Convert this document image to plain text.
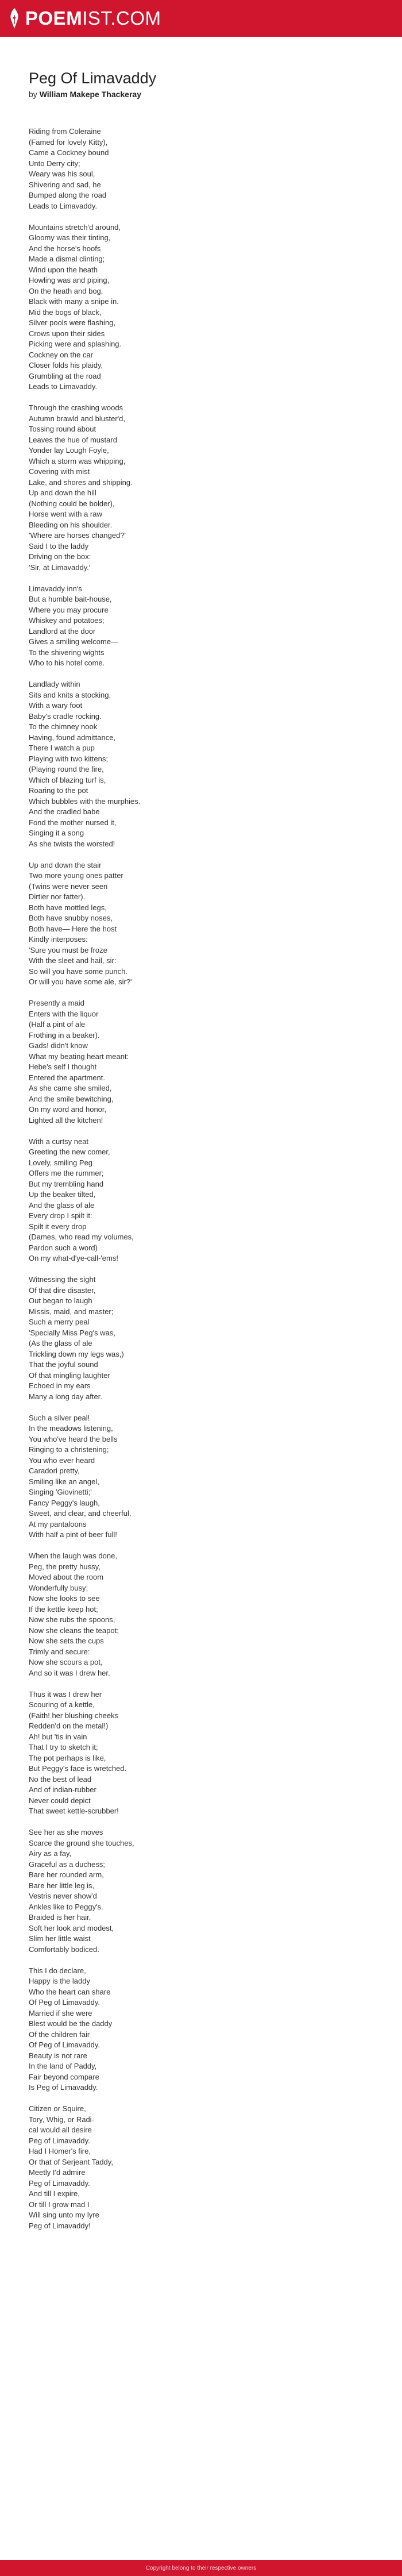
POEMIST.COM
Peg Of Limavaddy
by William Makepe Thackeray
Riding from Coleraine
(Famed for lovely Kitty),
Came a Cockney bound
Unto Derry city;
Weary was his soul,
Shivering and sad, he
Bumped along the road
Leads to Limavaddy.
Mountains stretch'd around,
Gloomy was their tinting,
And the horse's hoofs
Made a dismal clinting;
Wind upon the heath
Howling was and piping,
On the heath and bog,
Black with many a snipe in.
Mid the bogs of black,
Silver pools were flashing,
Crows upon their sides
Picking were and splashing.
Cockney on the car
Closer folds his plaidy,
Grumbling at the road
Leads to Limavaddy.
Through the crashing woods
Autumn brawld and bluster'd,
Tossing round about
Leaves the hue of mustard
Yonder lay Lough Foyle,
Which a storm was whipping,
Covering with mist
Lake, and shores and shipping.
Up and down the hill
(Nothing could be bolder),
Horse went with a raw
Bleeding on his shoulder.
'Where are horses changed?'
Said I to the laddy
Driving on the box:
'Sir, at Limavaddy.'
Limavaddy inn's
But a humble bait-house,
Where you may procure
Whiskey and potatoes;
Landlord at the door
Gives a smiling welcome—
To the shivering wights
Who to his hotel come.
Landlady within
Sits and knits a stocking,
With a wary foot
Baby's cradle rocking.
To the chimney nook
Having, found admittance,
There I watch a pup
Playing with two kittens;
(Playing round the fire,
Which of blazing turf is,
Roaring to the pot
Which bubbles with the murphies.
And the cradled babe
Fond the mother nursed it,
Singing it a song
As she twists the worsted!
Up and down the stair
Two more young ones patter
(Twins were never seen
Dirtier nor fatter).
Both have mottled legs,
Both have snubby noses,
Both have— Here the host
Kindly interposes:
'Sure you must be froze
With the sleet and hail, sir:
So will you have some punch.
Or will you have some ale, sir?'
Presently a maid
Enters with the liquor
(Half a pint of ale
Frothing in a beaker).
Gads! didn't know
What my beating heart meant:
Hebe's self I thought
Entered the apartment.
As she came she smiled,
And the smile bewitching,
On my word and honor,
Lighted all the kitchen!
With a curtsy neat
Greeting the new comer,
Lovely, smiling Peg
Offers me the rummer;
But my trembling hand
Up the beaker tilted,
And the glass of ale
Every drop I spilt it:
Spilt it every drop
(Dames, who read my volumes,
Pardon such a word)
On my what-d'ye-call-'ems!
Witnessing the sight
Of that dire disaster,
Out began to laugh
Missis, maid, and master;
Such a merry peal
'Specially Miss Peg's was,
(As the glass of ale
Trickling down my legs was,)
That the joyful sound
Of that mingling laughter
Echoed in my ears
Many a long day after.
Such a silver peal!
In the meadows listening,
You who've heard the bells
Ringing to a christening;
You who ever heard
Caradori pretty,
Smiling like an angel,
Singing 'Giovinetti;'
Fancy Peggy's laugh,
Sweet, and clear, and cheerful,
At my pantaloons
With half a pint of beer full!
When the laugh was done,
Peg, the pretty hussy,
Moved about the room
Wonderfully busy;
Now she looks to see
If the kettle keep hot;
Now she rubs the spoons,
Now she cleans the teapot;
Now she sets the cups
Trimly and secure:
Now she scours a pot,
And so it was I drew her.
Thus it was I drew her
Scouring of a kettle,
(Faith! her blushing cheeks
Redden'd on the metal!)
Ah! but 'tis in vain
That I try to sketch it;
The pot perhaps is like,
But Peggy's face is wretched.
No the best of lead
And of indian-rubber
Never could depict
That sweet kettle-scrubber!
See her as she moves
Scarce the ground she touches,
Airy as a fay,
Graceful as a duchess;
Bare her rounded arm,
Bare her little leg is,
Vestris never show'd
Ankles like to Peggy's.
Braided is her hair,
Soft her look and modest,
Slim her little waist
Comfortably bodiced.
This I do declare,
Happy is the laddy
Who the heart can share
Of Peg of Limavaddy.
Married if she were
Blest would be the daddy
Of the children fair
Of Peg of Limavaddy.
Beauty is not rare
In the land of Paddy,
Fair beyond compare
Is Peg of Limavaddy.
Citizen or Squire,
Tory, Whig, or Radi-
cal would all desire
Peg of Limavaddy.
Had I Homer's fire,
Or that of Serjeant Taddy,
Meetly I'd admire
Peg of Limavaddy.
And till I expire,
Or till I grow mad I
Will sing unto my lyre
Peg of Limavaddy!
Copyright belong to their respective owners
